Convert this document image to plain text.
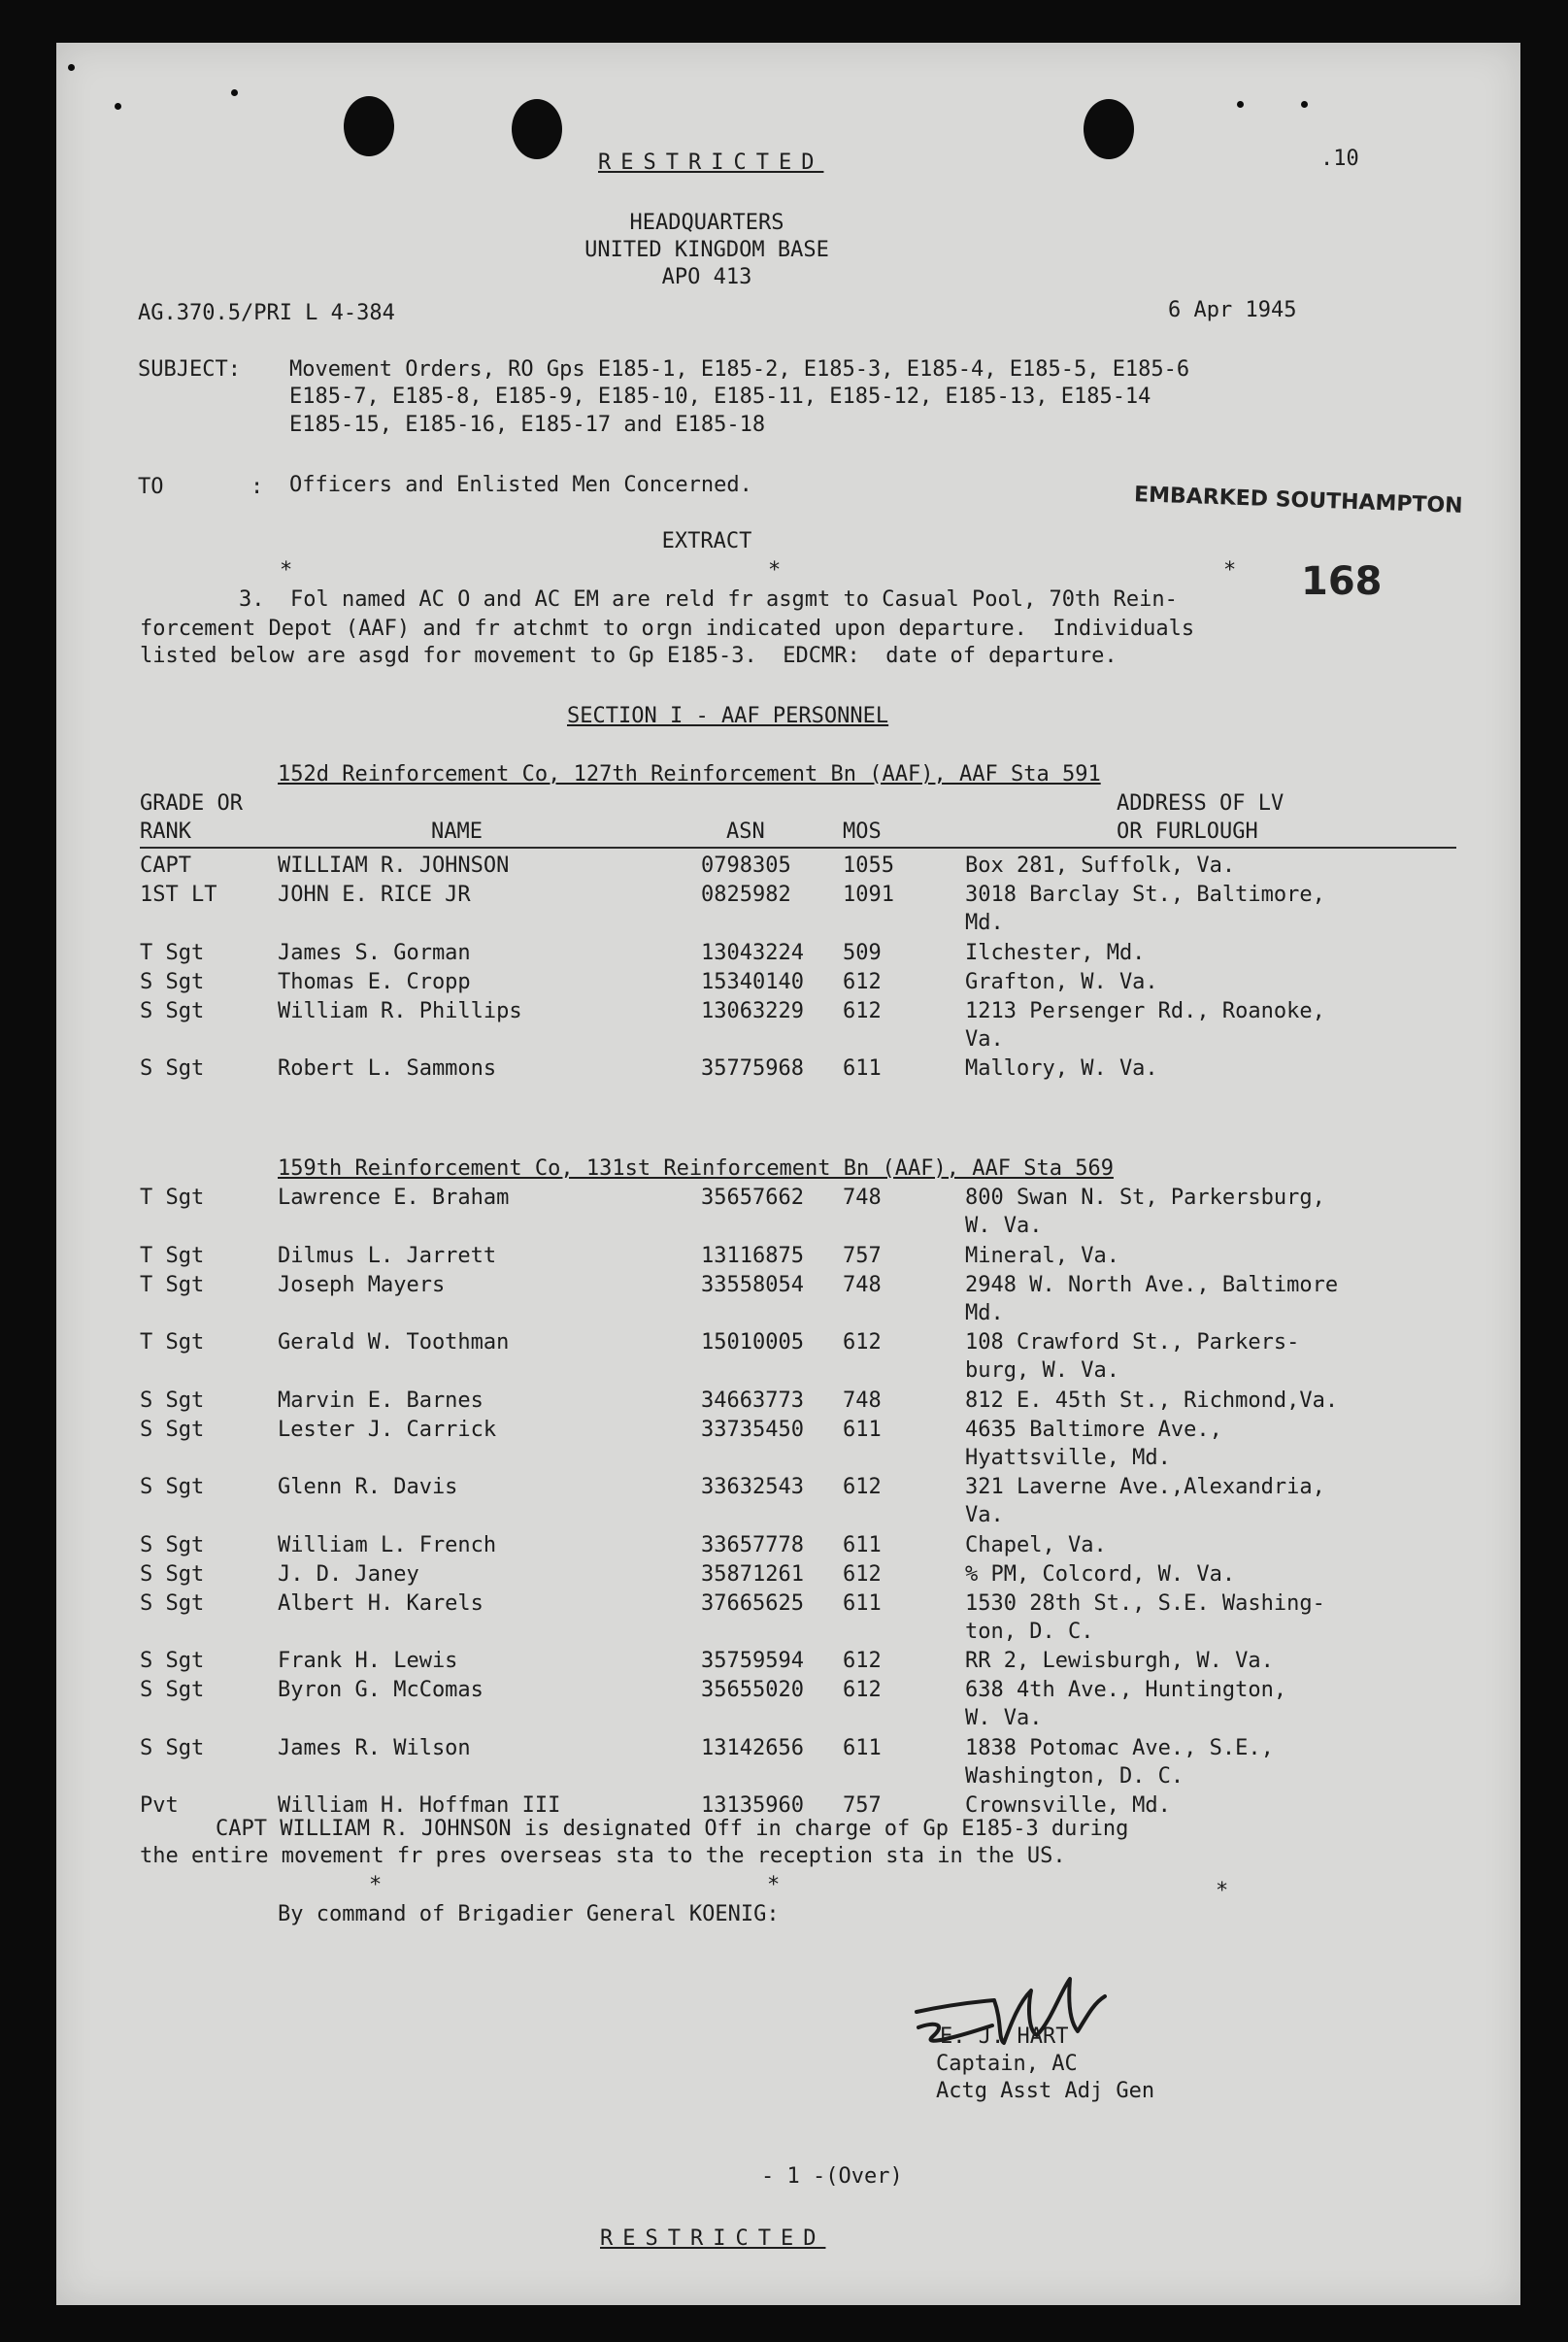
RESTRICTED	.10
HEADQUARTERS
UNITED KINGDOM BASE
APO 413
AG.370.5/PRI L 4-384	6 Apr 1945
SUBJECT: Movement Orders, RO Gps E185-1, E185-2, E185-3, E185-4, E185-5, E185-6
E185-7, E185-8, E185-9, E185-10, E185-11, E185-12, E185-13, E185-14
E185-15, E185-16, E185-17 and E185-18
TO	: Officers and Enlisted Men Concerned.	EMBARKED SOUTHAMPTON
EXTRACT
*	*	* 168
3.  Fol named AC O and AC EM are reld fr asgmt to Casual Pool, 70th Rein-
forcement Depot (AAF) and fr atchmt to orgn indicated upon departure.  Individuals
listed below are asgd for movement to Gp E185-3.  EDCMR:  date of departure.
SECTION I - AAF PERSONNEL
152d Reinforcement Co, 127th Reinforcement Bn (AAF), AAF Sta 591
GRADE OR
RANK	NAME	ASN	MOS
ADDRESS OF LV
OR FURLOUGH
CAPT	WILLIAM R. JOHNSON	0798305 1055	Box 281, Suffolk, Va.
1ST LT	JOHN E. RICE JR	0825982 1091	3018 Barclay St., Baltimore,
Md.
T Sgt	James S. Gorman	13043224 509	Ilchester, Md.
S Sgt	Thomas E. Cropp	15340140 612	Grafton, W. Va.
S Sgt	William R. Phillips	13063229 612	1213 Persenger Rd., Roanoke,
Va.
S Sgt	Robert L. Sammons	35775968 611	Mallory, W. Va.
159th Reinforcement Co, 131st Reinforcement Bn (AAF), AAF Sta 569
T Sgt	Lawrence E. Braham	35657662 748	800 Swan N. St, Parkersburg,
W. Va.
T Sgt	Dilmus L. Jarrett	13116875 757	Mineral, Va.
T Sgt	Joseph Mayers	33558054 748	2948 W. North Ave., Baltimore
Md.
T Sgt	Gerald W. Toothman	15010005 612	108 Crawford St., Parkers-
burg, W. Va.
S Sgt	Marvin E. Barnes	34663773 748	812 E. 45th St., Richmond,Va.
S Sgt	Lester J. Carrick	33735450 611	4635 Baltimore Ave.,
Hyattsville, Md.
S Sgt	Glenn R. Davis	33632543 612	321 Laverne Ave.,Alexandria,
Va.
S Sgt	William L. French	33657778 611	Chapel, Va.
S Sgt	J. D. Janey	35871261 612	% PM, Colcord, W. Va.
S Sgt	Albert H. Karels	37665625 611	1530 28th St., S.E. Washing-
ton, D. C.
S Sgt	Frank H. Lewis	35759594 612	RR 2, Lewisburgh, W. Va.
S Sgt	Byron G. McComas	35655020 612	638 4th Ave., Huntington,
W. Va.
S Sgt	James R. Wilson	13142656 611	1838 Potomac Ave., S.E.,
Washington, D. C.
Pvt	William H. Hoffman III	13135960 757	Crownsville, Md.
CAPT WILLIAM R. JOHNSON is designated Off in charge of Gp E185-3 during
the entire movement fr pres overseas sta to the reception sta in the US.
*	*	*
By command of Brigadier General KOENIG:
E. J. HART
Captain, AC
Actg Asst Adj Gen
- 1 -(Over)
RESTRICTED
